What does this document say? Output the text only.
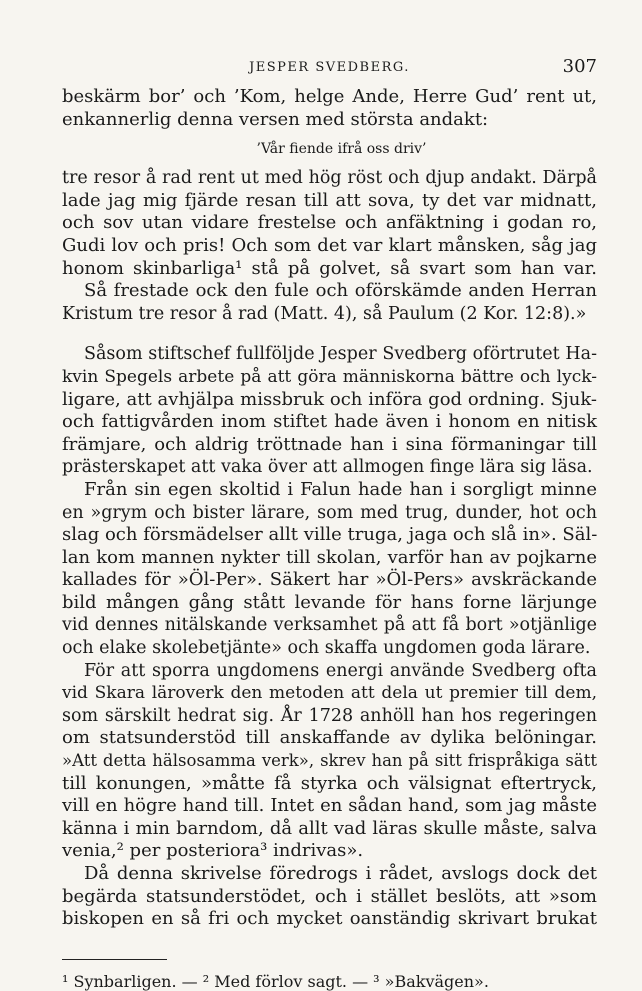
JESPER SVEDBERG.	307
beskärm bor’ och ’Kom, helge Ande, Herre Gud’ rent ut,
enkannerlig denna versen med största andakt:
’Vår fiende ifrå oss driv’
tre resor å rad rent ut med hög röst och djup andakt. Därpå
lade jag mig fjärde resan till att sova, ty det var midnatt,
och sov utan vidare frestelse och anfäktning i godan ro,
Gudi lov och pris! Och som det var klart månsken, såg jag
honom skinbarliga¹ stå på golvet, så svart som han var.
Så frestade ock den fule och oförskämde anden Herran
Kristum tre resor å rad (Matt. 4), så Paulum (2 Kor. 12:8).»
Såsom stiftschef fullföljde Jesper Svedberg oförtrutet Ha-
kvin Spegels arbete på att göra människorna bättre och lyck-
ligare, att avhjälpa missbruk och införa god ordning. Sjuk-
och fattigvården inom stiftet hade även i honom en nitisk
främjare, och aldrig tröttnade han i sina förmaningar till
prästerskapet att vaka över att allmogen finge lära sig läsa.
Från sin egen skoltid i Falun hade han i sorgligt minne
en »grym och bister lärare, som med trug, dunder, hot och
slag och försmädelser allt ville truga, jaga och slå in». Säl-
lan kom mannen nykter till skolan, varför han av pojkarne
kallades för »Öl-Per». Säkert har »Öl-Pers» avskräckande
bild mången gång stått levande för hans forne lärjunge
vid dennes nitälskande verksamhet på att få bort »otjänlige
och elake skolebetjänte» och skaffa ungdomen goda lärare.
För att sporra ungdomens energi använde Svedberg ofta
vid Skara läroverk den metoden att dela ut premier till dem,
som särskilt hedrat sig. År 1728 anhöll han hos regeringen
om statsunderstöd till anskaffande av dylika belöningar.
»Att detta hälsosamma verk», skrev han på sitt frispråkiga sätt
till konungen, »måtte få styrka och välsignat eftertryck,
vill en högre hand till. Intet en sådan hand, som jag måste
känna i min barndom, då allt vad läras skulle måste, salva
venia,² per posteriora³ indrivas».
Då denna skrivelse föredrogs i rådet, avslogs dock det
begärda statsunderstödet, och i stället beslöts, att »som
biskopen en så fri och mycket oanständig skrivart brukat
¹ Synbarligen. — ² Med förlov sagt. — ³ »Bakvägen».
